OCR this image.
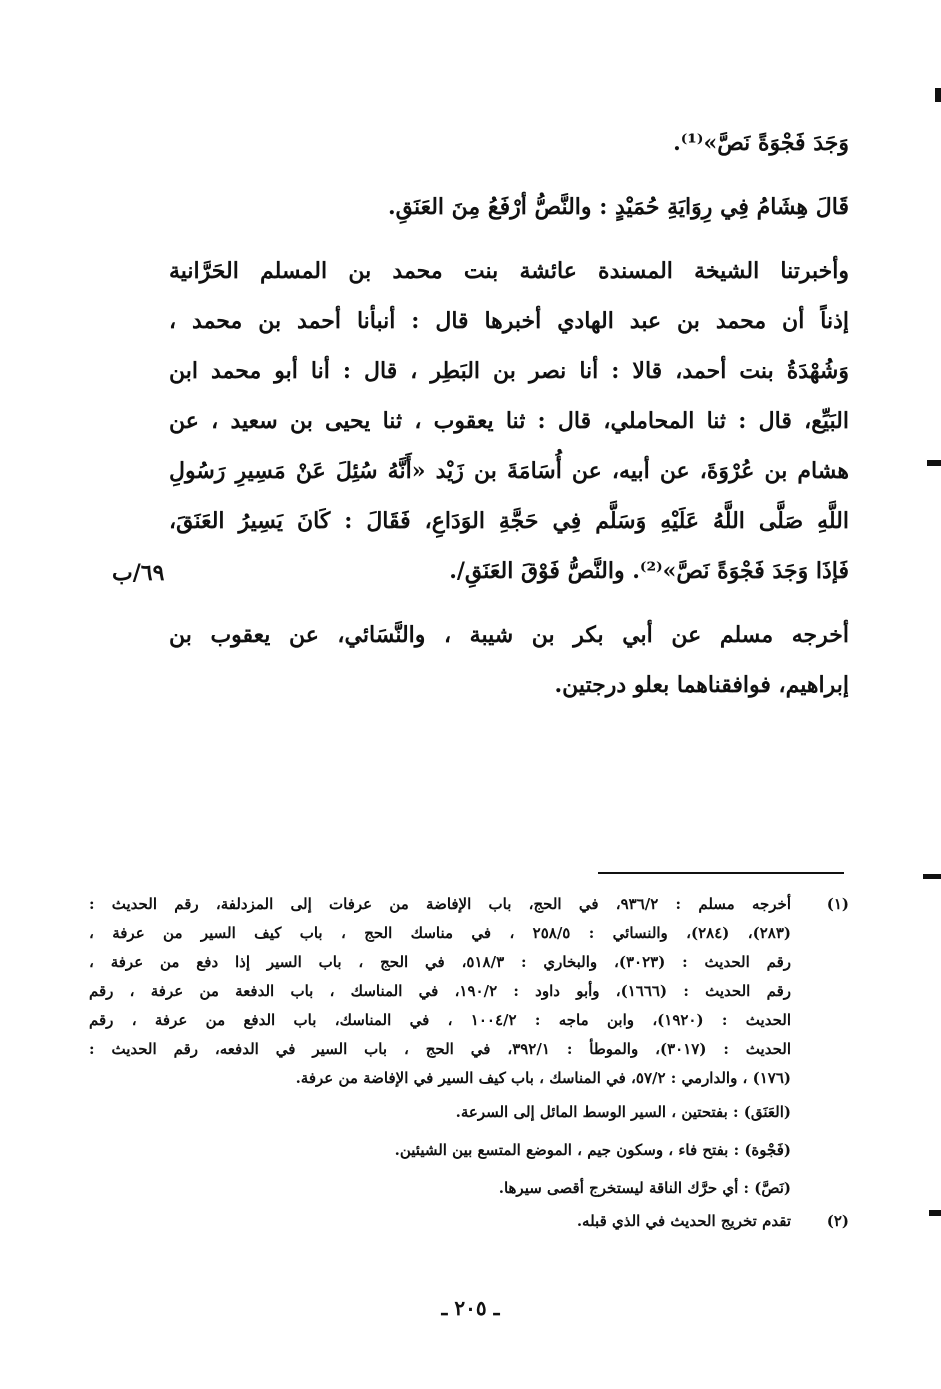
وَجَدَ فَجْوَةً نَصَّ»⁽¹⁾.
قَالَ هِشَامُ فِي رِوَايَةِ حُمَيْدٍ : والنَّصُّ أرْفَعُ مِنَ العَنَقِ.
وأخبرتنا الشيخة المسندة عائشة بنت محمد بن المسلم الحَرَّانية
إذناً أن محمد بن عبد الهادي أخبرها قال : أنبأنا أحمد بن محمد ،
وَشُهْدَةُ بنت أحمد، قالا : أنا نصر بن البَطِر ، قال : أنا أبو محمد ابن
البَيِّع، قال : ثنا المحاملي، قال : ثنا يعقوب ، ثنا يحيى بن سعيد ، عن
هشام بن عُرْوَةَ، عن أبيه، عن أُسَامَةَ بن زَيْد «أَنَّهُ سُئِلَ عَنْ مَسِيرِ رَسُولِ
اللَّهِ صَلَّى اللَّهُ عَلَيْهِ وَسَلَّم فِي حَجَّةِ الوَدَاعِ، فَقَالَ : كَانَ يَسِيرُ العَنَقَ،
فَإذَا وَجَدَ فَجْوَةً نَصَّ»⁽²⁾. والنَّصُّ فَوْقَ العَنَقِ/.
أخرجه مسلم عن أبي بكر بن شيبة ، والنَّسَائي، عن يعقوب بن
إبراهيم، فوافقناهما بعلو درجتين.
٦٩/ب
(١)
أخرجه مسلم : ٩٣٦/٢، في الحج، باب الإفاضة من عرفات إلى المزدلفة، رقم الحديث :
(٢٨٣)، (٢٨٤)، والنسائي : ٢٥٨/٥ ، في مناسك الحج ، باب كيف السير من عرفة ،
رقم الحديث : (٣٠٢٣)، والبخاري : ٥١٨/٣، في الحج ، باب السير إذا دفع من عرفة ،
رقم الحديث : (١٦٦٦)، وأبو داود : ١٩٠/٢، في المناسك ، باب الدفعة من عرفة ، رقم
الحديث : (١٩٢٠)، وابن ماجه : ١٠٠٤/٢ ، في المناسك، باب الدفع من عرفة ، رقم
الحديث : (٣٠١٧)، والموطأ : ٣٩٢/١، في الحج ، باب السير في الدفعه، رقم الحديث :
(١٧٦) ، والدارمي : ٥٧/٢، في المناسك ، باب كيف السير في الإفاضة من عرفة.
(العَنَق) : بفتحتين ، السير الوسط المائل إلى السرعة.
(فَجْوة) : بفتح فاء ، وسكون جيم ، الموضع المتسع بين الشيئين.
(نَصَّ) : أي حرَّك الناقة ليستخرج أقصى سيرها.
(٢)
تقدم تخريج الحديث في الذي قبله.
ـ ٢٠٥ ـ
